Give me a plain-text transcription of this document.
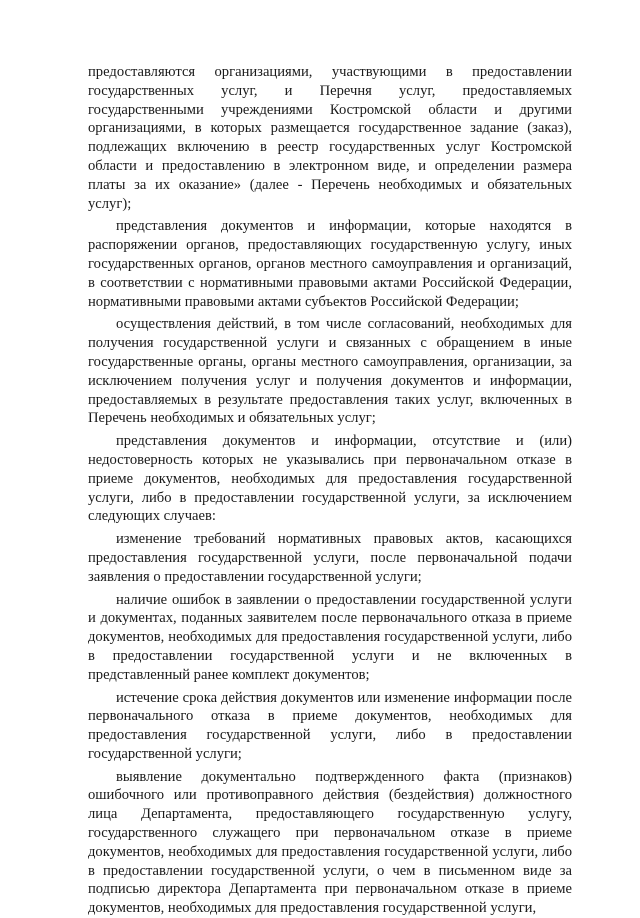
предоставляются организациями, участвующими в предоставлении государственных услуг, и Перечня услуг, предоставляемых государственными учреждениями Костромской области и другими организациями, в которых размещается государственное задание (заказ), подлежащих включению в реестр государственных услуг Костромской области и предоставлению в электронном виде, и определении размера платы за их оказание» (далее - Перечень необходимых и обязательных услуг);

представления документов и информации, которые находятся в распоряжении органов, предоставляющих государственную услугу, иных государственных органов, органов местного самоуправления и организаций, в соответствии с нормативными правовыми актами Российской Федерации, нормативными правовыми актами субъектов Российской Федерации;

осуществления действий, в том числе согласований, необходимых для получения государственной услуги и связанных с обращением в иные государственные органы, органы местного самоуправления, организации, за исключением получения услуг и получения документов и информации, предоставляемых в результате предоставления таких услуг, включенных в Перечень необходимых и обязательных услуг;

представления документов и информации, отсутствие и (или) недостоверность которых не указывались при первоначальном отказе в приеме документов, необходимых для предоставления государственной услуги, либо в предоставлении государственной услуги, за исключением следующих случаев:

изменение требований нормативных правовых актов, касающихся предоставления государственной услуги, после первоначальной подачи заявления о предоставлении государственной услуги;

наличие ошибок в заявлении о предоставлении государственной услуги и документах, поданных заявителем после первоначального отказа в приеме документов, необходимых для предоставления государственной услуги, либо в предоставлении государственной услуги и не включенных в представленный ранее комплект документов;

истечение срока действия документов или изменение информации после первоначального отказа в приеме документов, необходимых для предоставления государственной услуги, либо в предоставлении государственной услуги;

выявление документально подтвержденного факта (признаков) ошибочного или противоправного действия (бездействия) должностного лица Департамента, предоставляющего государственную услугу, государственного служащего при первоначальном отказе в приеме документов, необходимых для предоставления государственной услуги, либо в предоставлении государственной услуги, о чем в письменном виде за подписью директора Департамента при первоначальном отказе в приеме документов, необходимых для предоставления государственной услуги,
